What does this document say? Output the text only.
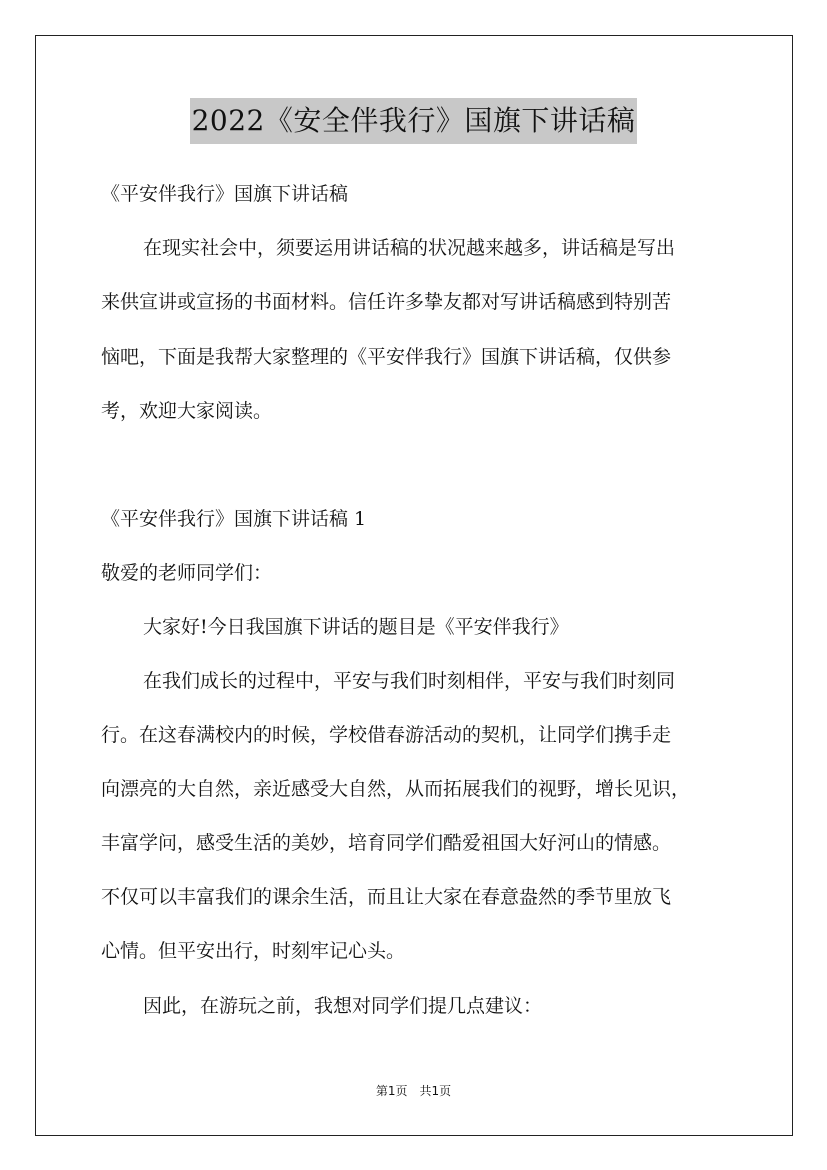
2022《安全伴我行》国旗下讲话稿
《平安伴我行》国旗下讲话稿
在现实社会中，须要运用讲话稿的状况越来越多，讲话稿是写出
来供宣讲或宣扬的书面材料。信任许多挚友都对写讲话稿感到特别苦
恼吧，下面是我帮大家整理的《平安伴我行》国旗下讲话稿，仅供参
考，欢迎大家阅读。
《平安伴我行》国旗下讲话稿 1
敬爱的老师同学们：
大家好!今日我国旗下讲话的题目是《平安伴我行》
在我们成长的过程中，平安与我们时刻相伴，平安与我们时刻同
行。在这春满校内的时候，学校借春游活动的契机，让同学们携手走
向漂亮的大自然，亲近感受大自然，从而拓展我们的视野，增长见识，
丰富学问，感受生活的美妙，培育同学们酷爱祖国大好河山的情感。
不仅可以丰富我们的课余生活，而且让大家在春意盎然的季节里放飞
心情。但平安出行，时刻牢记心头。
因此，在游玩之前，我想对同学们提几点建议：
第1页　共1页
